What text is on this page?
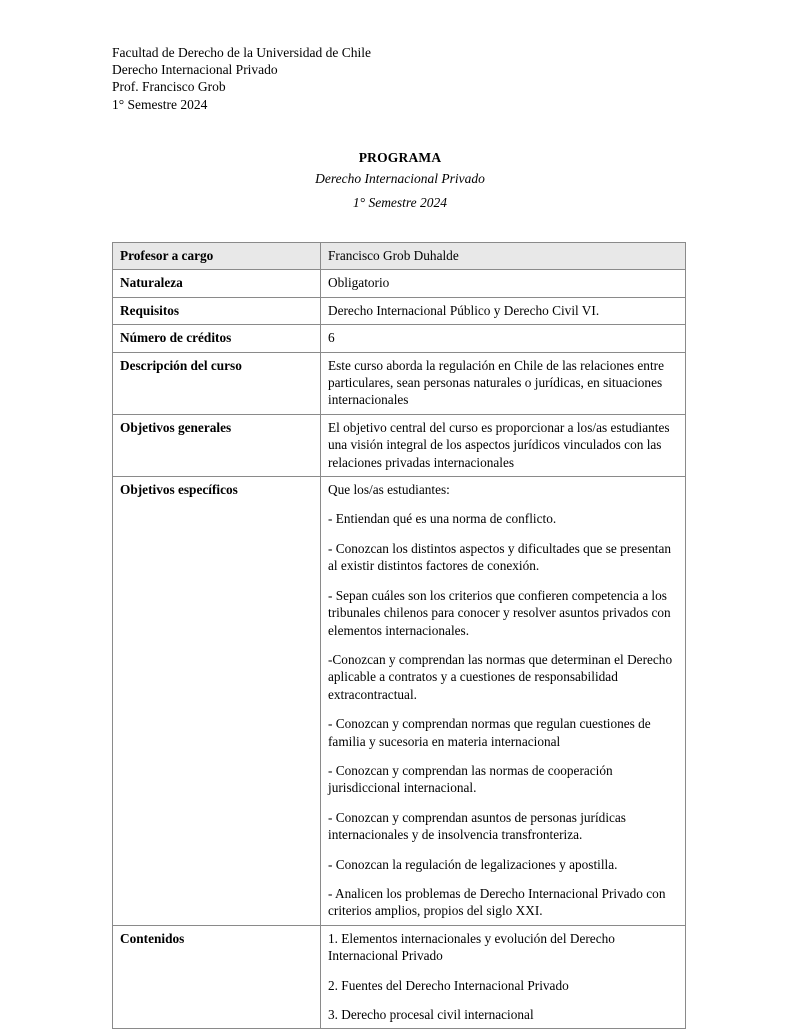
Facultad de Derecho de la Universidad de Chile
Derecho Internacional Privado
Prof. Francisco Grob
1° Semestre 2024
PROGRAMA
Derecho Internacional Privado
1° Semestre 2024
Profesor a cargo	Francisco Grob Duhalde

Naturaleza	Obligatorio

Requisitos	Derecho Internacional Público y Derecho Civil VI.

Número de créditos	6

Descripción del curso	Este curso aborda la regulación en Chile de las relaciones entre particulares, sean personas naturales o jurídicas, en situaciones internacionales

Objetivos generales	El objetivo central del curso es proporcionar a los/as estudiantes una visión integral de los aspectos jurídicos vinculados con las relaciones privadas internacionales

Objetivos específicos	Que los/as estudiantes:

- Entiendan qué es una norma de conflicto.

- Conozcan los distintos aspectos y dificultades que se presentan al existir distintos factores de conexión.

- Sepan cuáles son los criterios que confieren competencia a los tribunales chilenos para conocer y resolver asuntos privados con elementos internacionales.

-Conozcan y comprendan las normas que determinan el Derecho aplicable a contratos y a cuestiones de responsabilidad extracontractual.

- Conozcan y comprendan normas que regulan cuestiones de familia y sucesoria en materia internacional

- Conozcan y comprendan las normas de cooperación jurisdiccional internacional.

- Conozcan y comprendan asuntos de personas jurídicas internacionales y de insolvencia transfronteriza.

- Conozcan la regulación de legalizaciones y apostilla.

- Analicen los problemas de Derecho Internacional Privado con criterios amplios, propios del siglo XXI.

Contenidos	1. Elementos internacionales y evolución del Derecho Internacional Privado

2. Fuentes del Derecho Internacional Privado

3. Derecho procesal civil internacional
